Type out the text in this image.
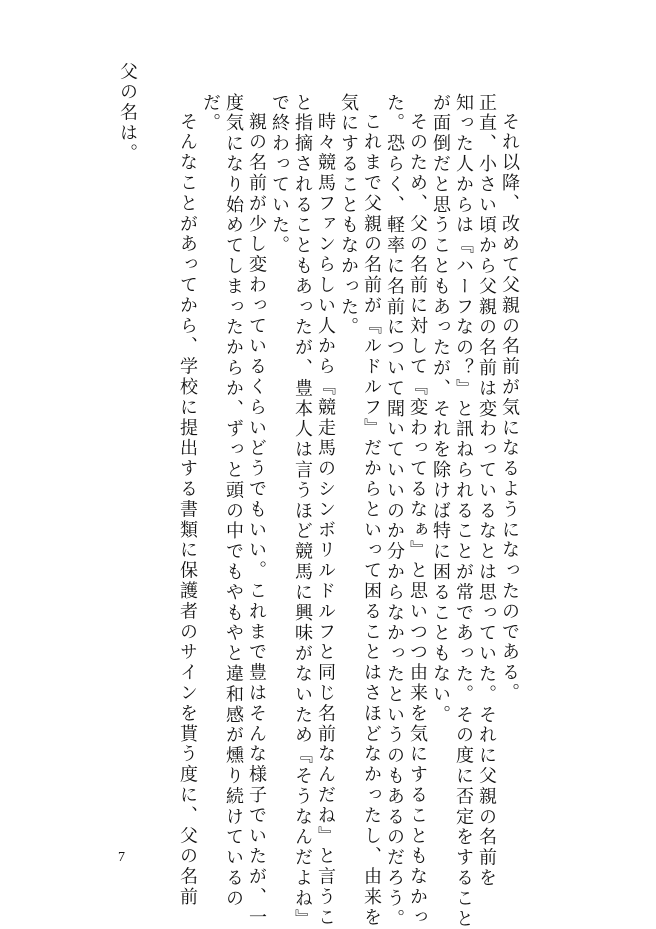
それ以降、改めて父親の名前が気になるようになったのである。
正直、小さい頃から父親の名前は変わっているなとは思っていた。それに父親の名前を
知った人からは『ハーフなの？』と訊ねられることが常であった。その度に否定をすること
が面倒だと思うこともあったが、それを除けば特に困ることもない。
そのため、父の名前に対して『変わってるなぁ』と思いつつ由来を気にすることもなかっ
た。恐らく、軽率に名前について聞いていいのか分からなかったというのもあるのだろう。
これまで父親の名前が『ルドルフ』だからといって困ることはさほどなかったし、由来を
気にすることもなかった。
時々競馬ファンらしい人から『競走馬のシンボリルドルフと同じ名前なんだね』と言うこ
と指摘されることもあったが、豊本人は言うほど競馬に興味がないため『そうなんだよね』
で終わっていた。
親の名前が少し変わっているくらいどうでもいい。これまで豊はそんな様子でいたが、一
度気になり始めてしまったからか、ずっと頭の中でもやもやと違和感が燻り続けているの
だ。
そんなことがあってから、学校に提出する書類に保護者のサインを貰う度に、父の名前
父の名は。
7
